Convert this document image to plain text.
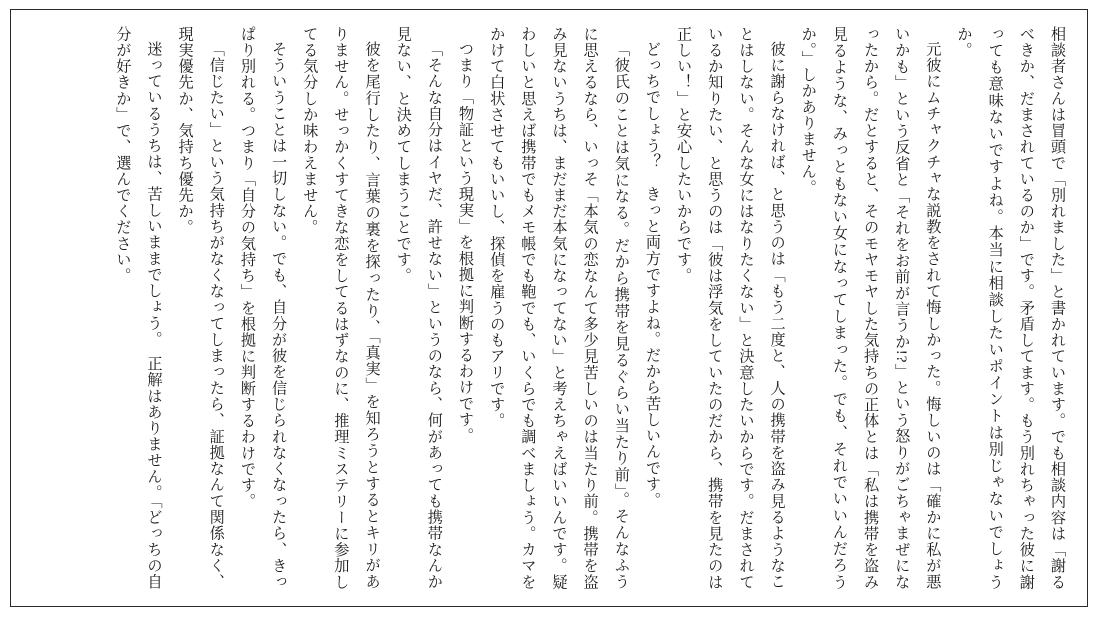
相談者さんは冒頭で「別れました」と書かれています。でも相談内容は「謝るべきか、だまされているのか」です。矛盾してます。もう別れちゃった彼に謝っても意味ないですよね。本当に相談したいポイントは別じゃないでしょうか。

元彼にムチャクチャな説教をされて悔しかった。悔しいのは「確かに私が悪いかも」という反省と「それをお前が言うか!?」という怒りがごちゃまぜになったから。だとすると、そのモヤモヤした気持ちの正体とは「私は携帯を盗み見るような、みっともない女になってしまった。でも、それでいいんだろうか。」しかありません。

彼に謝らなければ、と思うのは「もう二度と、人の携帯を盗み見るようなことはしない。そんな女にはなりたくない」と決意したいからです。だまされているか知りたい、と思うのは「彼は浮気をしていたのだから、携帯を見たのは正しい！」と安心したいからです。

どっちでしょう？　きっと両方ですよね。だから苦しいんです。

「彼氏のことは気になる。だから携帯を見るぐらい当たり前」。そんなふうに思えるなら、いっそ「本気の恋なんて多少見苦しいのは当たり前。携帯を盗み見ないうちは、まだまだ本気になってない」と考えちゃえばいいんです。疑わしいと思えば携帯でもメモ帳でも鞄でも、いくらでも調べましょう。カマをかけて白状させてもいいし、探偵を雇うのもアリです。

つまり「物証という現実」を根拠に判断するわけです。

「そんな自分はイヤだ、許せない」というのなら、何があっても携帯なんか見ない、と決めてしまうことです。

彼を尾行したり、言葉の裏を探ったり、「真実」を知ろうとするとキリがありません。せっかくすてきな恋をしてるはずなのに、推理ミステリーに参加してる気分しか味わえません。

そういうことは一切しない。でも、自分が彼を信じられなくなったら、きっぱり別れる。つまり「自分の気持ち」を根拠に判断するわけです。

「信じたい」という気持ちがなくなってしまったら、証拠なんて関係なく、現実優先か、気持ち優先か。

迷っているうちは、苦しいままでしょう。　正解はありません。「どっちの自分が好きか」で、選んでください。
